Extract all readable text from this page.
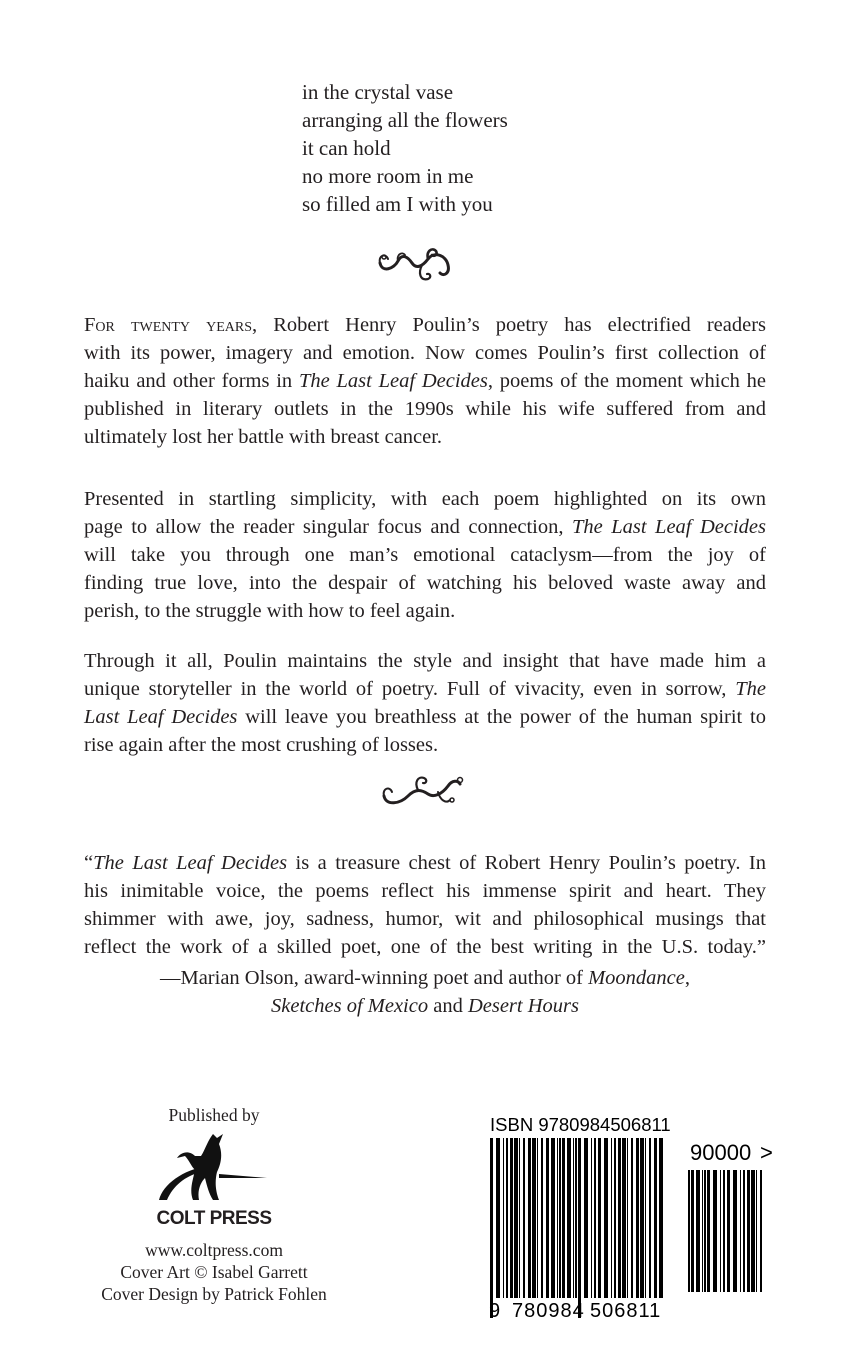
in the crystal vase
arranging all the flowers
it can hold
no more room in me
so filled am I with you
For twenty years, Robert Henry Poulin’s poetry has electrified readers
with its power, imagery and emotion. Now comes Poulin’s first collection of
haiku and other forms in The Last Leaf Decides, poems of the moment which he
published in literary outlets in the 1990s while his wife suffered from and
ultimately lost her battle with breast cancer.
Presented in startling simplicity, with each poem highlighted on its own
page to allow the reader singular focus and connection, The Last Leaf Decides
will take you through one man’s emotional cataclysm—from the joy of
finding true love, into the despair of watching his beloved waste away and
perish, to the struggle with how to feel again.
Through it all, Poulin maintains the style and insight that have made him a
unique storyteller in the world of poetry. Full of vivacity, even in sorrow, The
Last Leaf Decides will leave you breathless at the power of the human spirit to
rise again after the most crushing of losses.
“The Last Leaf Decides is a treasure chest of Robert Henry Poulin’s poetry. In
his inimitable voice, the poems reflect his immense spirit and heart. They
shimmer with awe, joy, sadness, humor, wit and philosophical musings that
reflect the work of a skilled poet, one of the best writing in the U.S. today.”
—Marian Olson, award-winning poet and author of Moondance,
Sketches of Mexico and Desert Hours
Published by
COLT PRESS
www.coltpress.com
Cover Art © Isabel Garrett
Cover Design by Patrick Fohlen
ISBN 9780984506811
9 780984 506811
90000 >
